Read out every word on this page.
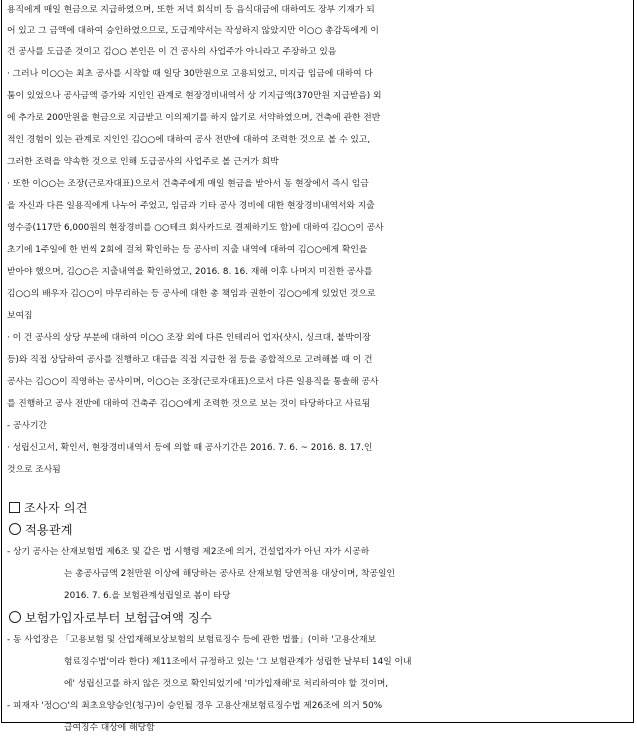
용직에게 매일 현금으로 지급하였으며, 또한 저녁 회식비 등 음식대금에 대하여도 장부 기재가 되
어 있고 그 금액에 대하여 승인하였으므로, 도급계약서는 작성하지 않았지만 이○○ 총감독에게 이
건 공사를 도급준 것이고 김○○ 본인은 이 건 공사의 사업주가 아니라고 주장하고 있음
· 그러나 이○○는 최초 공사를 시작할 때 일당 30만원으로 고용되었고, 미지급 임금에 대하여 다
툼이 있었으나 공사금액 증가와 지인인 관계로 현장경비내역서 상 기지급액(370만원 지급받음) 외
에 추가로 200만원을 현금으로 지급받고 이의제기를 하지 않기로 서약하였으며, 건축에 관한 전반
적인 경험이 있는 관계로 지인인 김○○에 대하여 공사 전반에 대하여 조력한 것으로 볼 수 있고,
그러한 조력을 약속한 것으로 인해 도급공사의 사업주로 볼 근거가 희박
· 또한 이○○는 조장(근로자대표)으로서 건축주에게 매일 현금을 받아서 동 현장에서 즉시 임금
을 자신과 다른 일용직에게 나누어 주었고, 임금과 기타 공사 경비에 대한 현장경비내역서와 지출
영수증(117만 6,000원의 현장경비를 ○○테크 회사카드로 결제하기도 함)에 대하여 김○○이 공사
초기에 1주일에 한 번씩 2회에 걸쳐 확인하는 등 공사비 지출 내역에 대하여 김○○에게 확인을
받아야 했으며, 김○○은 지출내역을 확인하였고, 2016. 8. 16. 재해 이후 나머지 미진한 공사를
김○○의 배우자 김○○이 마무리하는 등 공사에 대한 총 책임과 권한이 김○○에게 있었던 것으로
보여짐
· 이 건 공사의 상당 부분에 대하여 이○○ 조장 외에 다른 인테리어 업자(샷시, 싱크대, 붙박이장
등)와 직접 상담하여 공사를 진행하고 대금을 직접 지급한 점 등을 종합적으로 고려해볼 때 이 건
공사는 김○○이 직영하는 공사이며, 이○○는 조장(근로자대표)으로서 다른 일용직을 통솔해 공사
를 진행하고 공사 전반에 대하여 건축주 김○○에게 조력한 것으로 보는 것이 타당하다고 사료됨
- 공사기간
· 성립신고서, 확인서, 현장경비내역서 등에 의할 때 공사기간은 2016. 7. 6. ~ 2016. 8. 17.인
것으로 조사됨
조사자 의견
적용관계
- 상기 공사는 산재보험법 제6조 및 같은 법 시행령 제2조에 의거, 건설업자가 아닌 자가 시공하
는 총공사금액 2천만원 이상에 해당하는 공사로 산재보험 당연적용 대상이며, 착공일인
2016. 7. 6.을 보험관계성립일로 봄이 타당
보험가입자로부터 보험급여액 징수
- 동 사업장은 「고용보험 및 산업재해보상보험의 보험료징수 등에 관한 법률」(이하 '고용산재보
험료징수법'이라 한다) 제11조에서 규정하고 있는 '그 보험관계가 성립한 날부터 14일 이내
에' 성립신고를 하지 않은 것으로 확인되었기에 '미가입재해'로 처리하여야 할 것이며,
- 피재자 '정○○'의 최초요양승인(청구)이 승인될 경우 고용산재보험료징수법 제26조에 의거 50%
급여징수 대상에 해당함
